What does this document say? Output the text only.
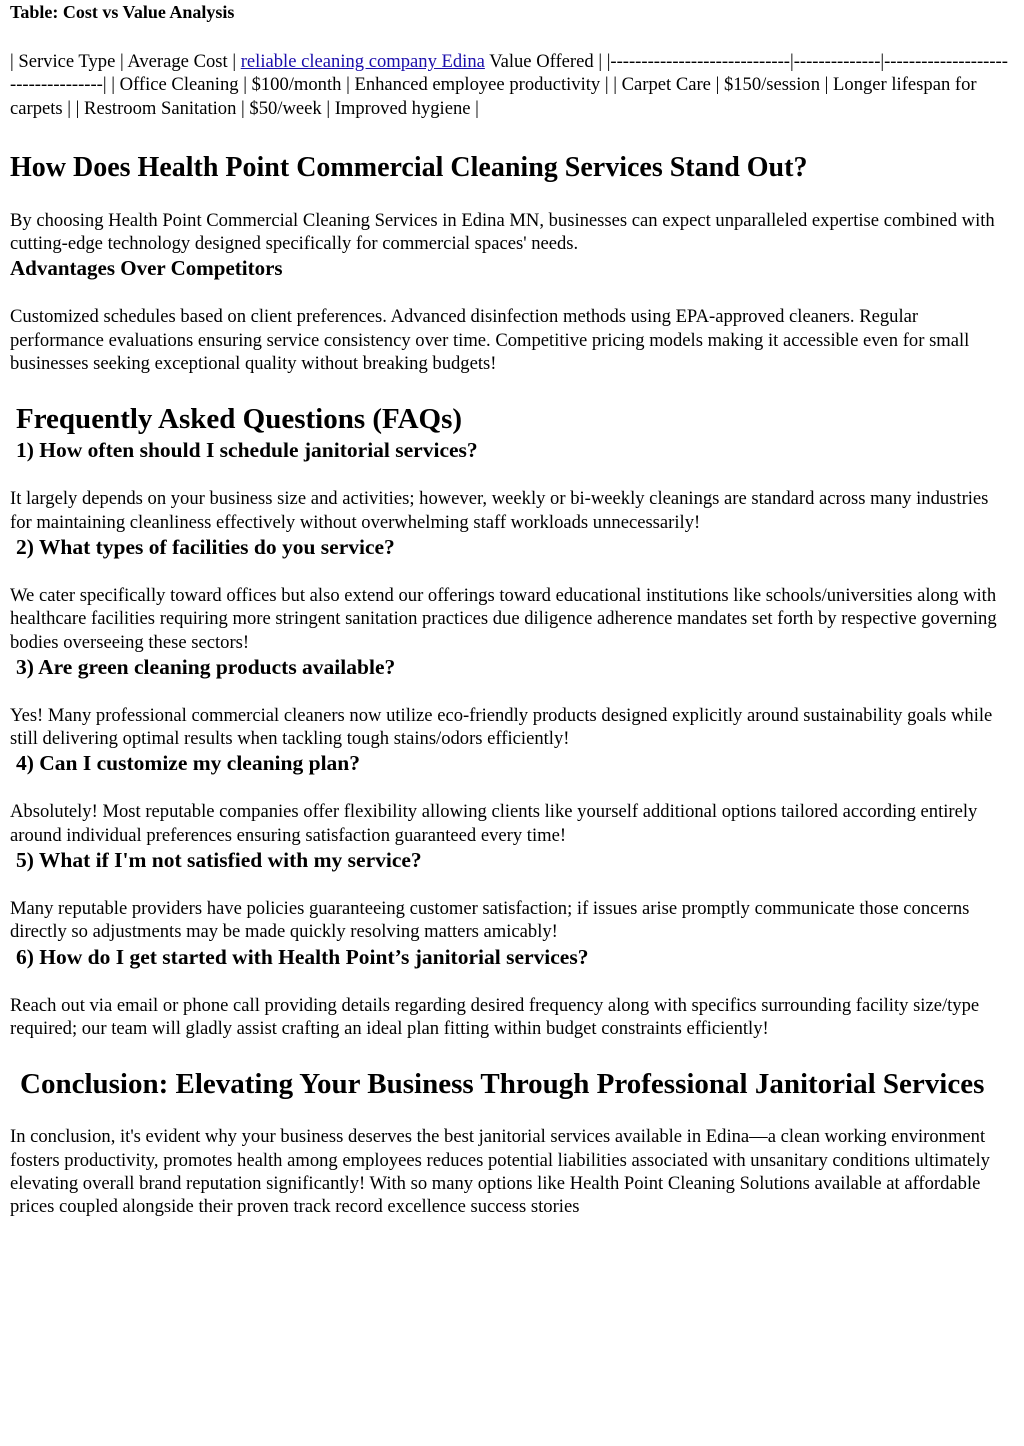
Table: Cost vs Value Analysis

| Service Type | Average Cost | reliable cleaning company Edina Value Offered | |-----------------------------|--------------|-----------------------------------| | Office Cleaning | $100/month | Enhanced employee productivity | | Carpet Care | $150/session | Longer lifespan for carpets | | Restroom Sanitation | $50/week | Improved hygiene |

How Does Health Point Commercial Cleaning Services Stand Out?

By choosing Health Point Commercial Cleaning Services in Edina MN, businesses can expect unparalleled expertise combined with cutting-edge technology designed specifically for commercial spaces' needs.

Advantages Over Competitors

Customized schedules based on client preferences. Advanced disinfection methods using EPA-approved cleaners. Regular performance evaluations ensuring service consistency over time. Competitive pricing models making it accessible even for small businesses seeking exceptional quality without breaking budgets!

Frequently Asked Questions (FAQs)
1) How often should I schedule janitorial services?

It largely depends on your business size and activities; however, weekly or bi-weekly cleanings are standard across many industries for maintaining cleanliness effectively without overwhelming staff workloads unnecessarily!

2) What types of facilities do you service?

We cater specifically toward offices but also extend our offerings toward educational institutions like schools/universities along with healthcare facilities requiring more stringent sanitation practices due diligence adherence mandates set forth by respective governing bodies overseeing these sectors!

3) Are green cleaning products available?

Yes! Many professional commercial cleaners now utilize eco-friendly products designed explicitly around sustainability goals while still delivering optimal results when tackling tough stains/odors efficiently!

4) Can I customize my cleaning plan?

Absolutely! Most reputable companies offer flexibility allowing clients like yourself additional options tailored according entirely around individual preferences ensuring satisfaction guaranteed every time!

5) What if I'm not satisfied with my service?

Many reputable providers have policies guaranteeing customer satisfaction; if issues arise promptly communicate those concerns directly so adjustments may be made quickly resolving matters amicably!

6) How do I get started with Health Point’s janitorial services?

Reach out via email or phone call providing details regarding desired frequency along with specifics surrounding facility size/type required; our team will gladly assist crafting an ideal plan fitting within budget constraints efficiently!

Conclusion: Elevating Your Business Through Professional Janitorial Services

In conclusion, it's evident why your business deserves the best janitorial services available in Edina—a clean working environment fosters productivity, promotes health among employees reduces potential liabilities associated with unsanitary conditions ultimately elevating overall brand reputation significantly! With so many options like Health Point Cleaning Solutions available at affordable prices coupled alongside their proven track record excellence success stories
